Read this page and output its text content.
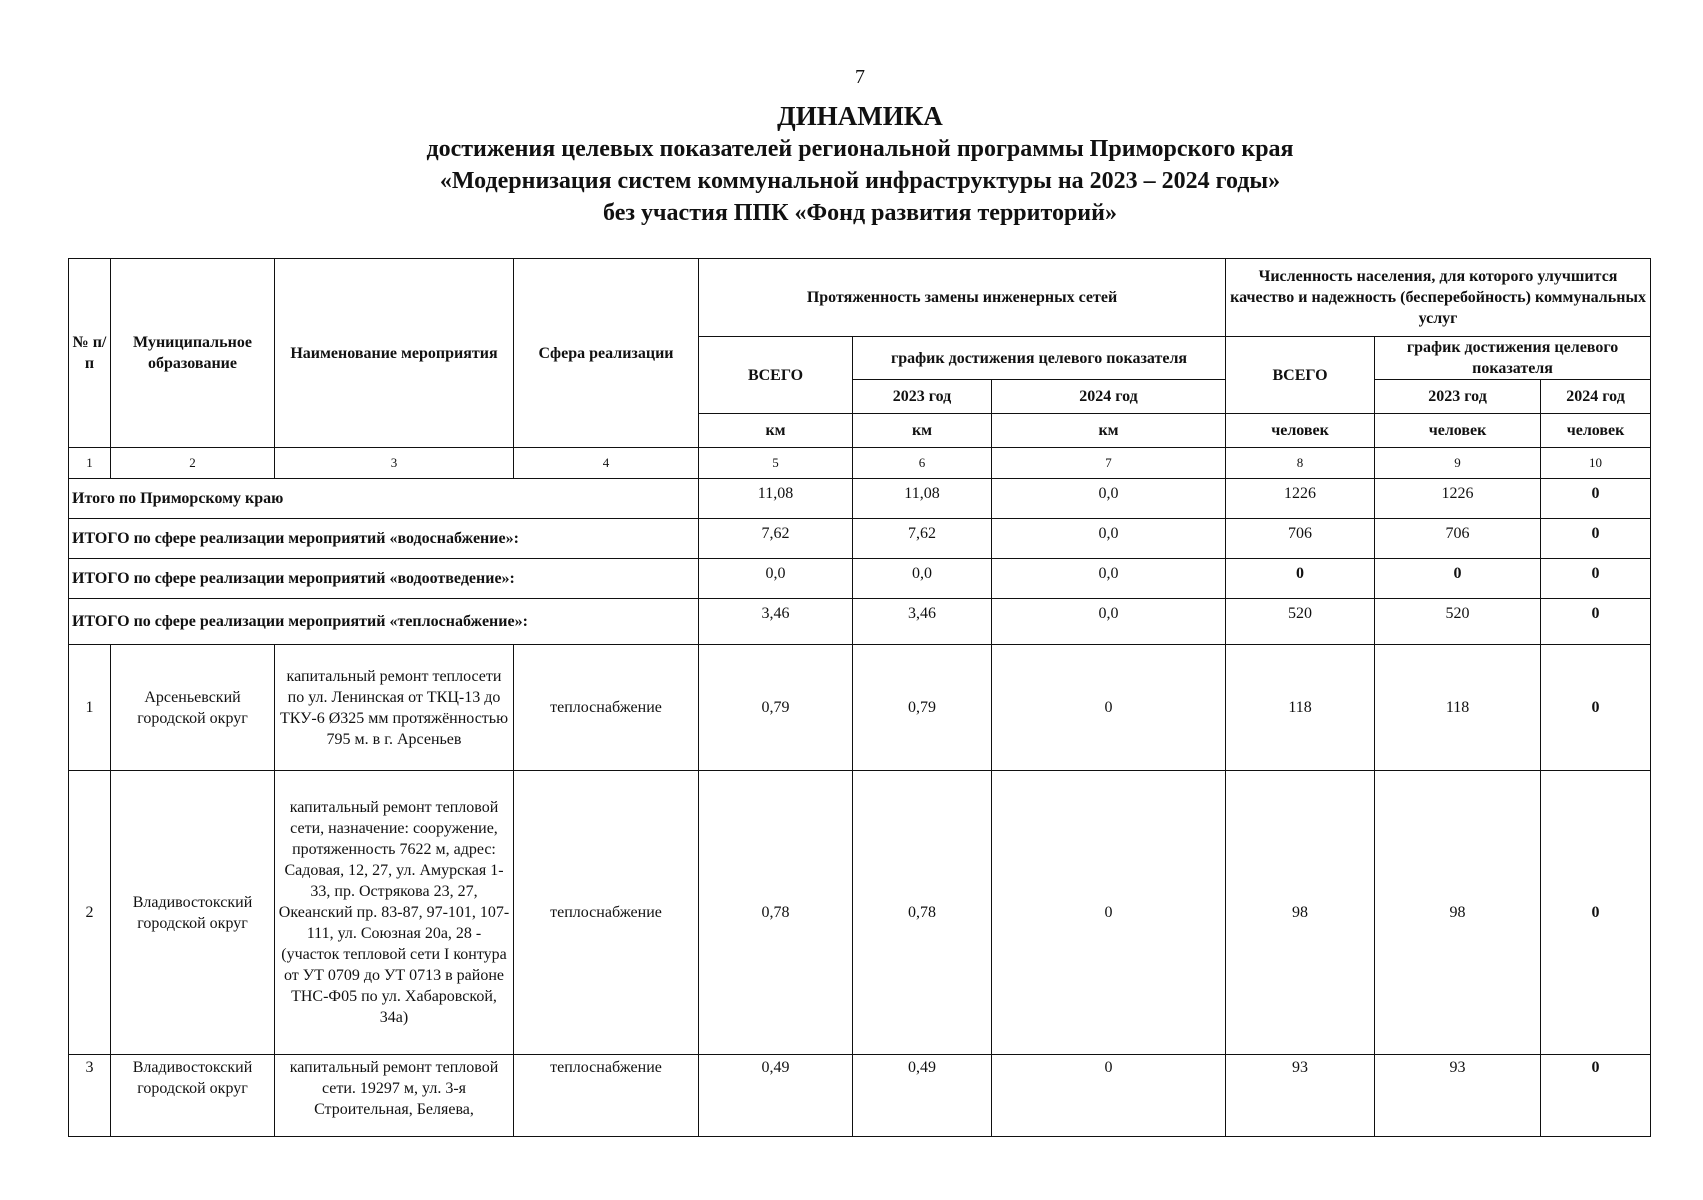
7
ДИНАМИКА
достижения целевых показателей региональной программы Приморского края
«Модернизация систем коммунальной инфраструктуры на 2023 – 2024 годы»
без участия ППК «Фонд развития территорий»
№ п/п	Муниципальное образование	Наименование мероприятия	Сфера реализации	Протяженность замены инженерных сетей			Численность населения, для которого улучшится качество и надежность (бесперебойность) коммунальных услуг		
				ВСЕГО	график достижения целевого показателя		ВСЕГО	график достижения целевого показателя	
					2023 год	2024 год		2023 год	2024 год
				км	км	км	человек	человек	человек
1	2	3	4	5	6	7	8	9	10
Итого по Приморскому краю				11,08	11,08	0,0	1226	1226	0
ИТОГО по сфере реализации мероприятий «водоснабжение»:				7,62	7,62	0,0	706	706	0
ИТОГО по сфере реализации мероприятий «водоотведение»:				0,0	0,0	0,0	0	0	0
ИТОГО по сфере реализации мероприятий «теплоснабжение»:				3,46	3,46	0,0	520	520	0
1	Арсеньевский городской округ	капитальный ремонт теплосети по ул. Ленинская от ТКЦ-13 до ТКУ-6 Ø325 мм протяжённостью 795 м. в г. Арсеньев	теплоснабжение	0,79	0,79	0	118	118	0
2	Владивостокский городской округ	капитальный ремонт тепловой сети, назначение: сооружение, протяженность 7622 м, адрес: Садовая, 12, 27, ул. Амурская 1-33, пр. Острякова 23, 27, Океанский пр. 83-87, 97-101, 107-111, ул. Союзная 20а, 28 - (участок тепловой сети I контура от УТ 0709 до УТ 0713 в районе ТНС-Ф05 по ул. Хабаровской, 34а)	теплоснабжение	0,78	0,78	0	98	98	0
3	Владивостокский городской округ	капитальный ремонт тепловой сети. 19297 м, ул. 3-я Строительная, Беляева,	теплоснабжение	0,49	0,49	0	93	93	0
